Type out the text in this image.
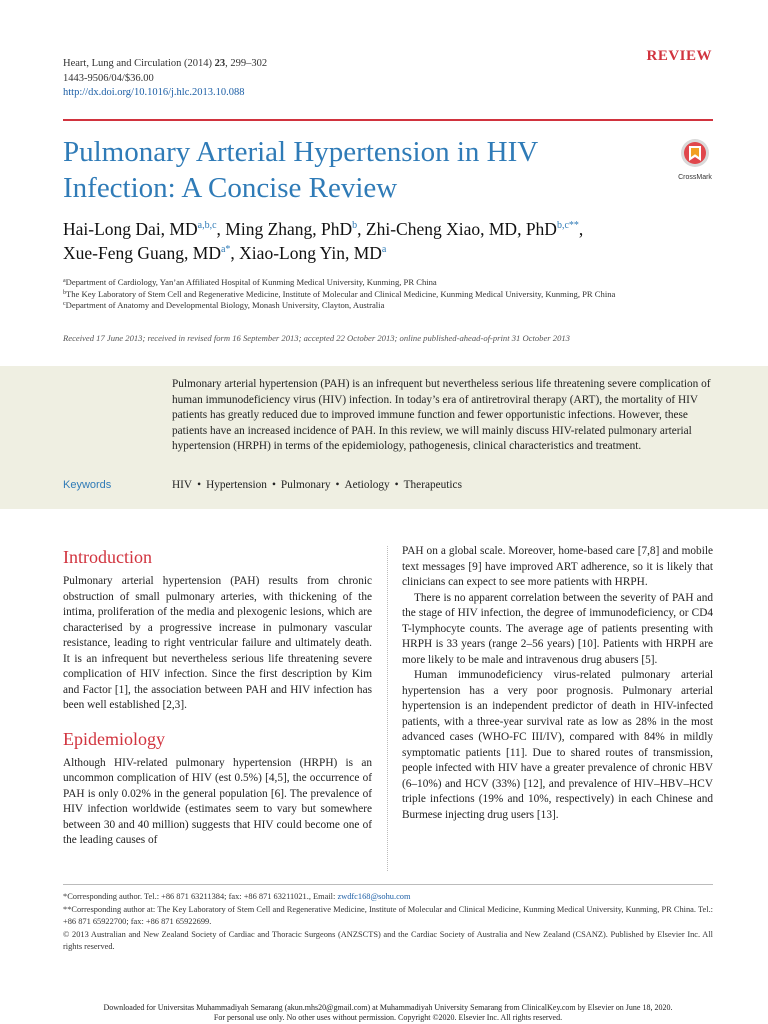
Heart, Lung and Circulation (2014) 23, 299–302
1443-9506/04/$36.00
http://dx.doi.org/10.1016/j.hlc.2013.10.088
REVIEW
Pulmonary Arterial Hypertension in HIV Infection: A Concise Review	CrossMark
Hai-Long Dai, MD$^{a,b,c}$, Ming Zhang, PhD$^b$, Zhi-Cheng Xiao, MD, PhD$^{b,c**}$,
Xue-Feng Guang, $MD^{a*}$, Xiao-Long Yin, $MD^a$
$^a$Department of Cardiology, Yan’an Affiliated Hospital of Kunming Medical University, Kunming, PR China
$^b$The Key Laboratory of Stem Cell and Regenerative Medicine, Institute of Molecular and Clinical Medicine, Kunming Medical University, Kunming, PR China
$^c$Department of Anatomy and Developmental Biology, Monash University, Clayton, Australia
Received 17 June 2013; received in revised form 16 September 2013; accepted 22 October 2013; online published-ahead-of-print 31 October 2013
Pulmonary arterial hypertension (PAH) is an infrequent but nevertheless serious life threatening severe complication of human immunodeficiency virus (HIV) infection. In today’s era of antiretroviral therapy (ART), the mortality of HIV patients has greatly reduced due to improved immune function and fewer opportunistic infections. However, these patients have an increased incidence of PAH. In this review, we will mainly discuss HIV-related pulmonary arterial hypertension (HRPH) in terms of the epidemiology, pathogenesis, clinical characteristics and treatment.
Keywords	HIV • Hypertension • Pulmonary • Aetiology • Therapeutics
Introduction

Pulmonary arterial hypertension (PAH) results from chronic obstruction of small pulmonary arteries, with thickening of the intima, proliferation of the media and plexogenic lesions, which are characterised by a progressive increase in pulmonary vascular resistance, leading to right ventricular failure and ultimately death. It is an infrequent but nevertheless serious life threatening severe complication of HIV infection. Since the first description by Kim and Factor [1], the association between PAH and HIV infection has been well established [2,3].

Epidemiology

Although HIV-related pulmonary hypertension (HRPH) is an uncommon complication of HIV (est 0.5%) [4,5], the occurrence of PAH is only 0.02% in the general population [6]. The prevalence of HIV infection worldwide (estimates seem to vary but somewhere between 30 and 40 million) suggests that HIV could become one of the leading causes of

PAH on a global scale. Moreover, home-based care [7,8] and mobile text messages [9] have improved ART adherence, so it is likely that clinicians can expect to see more patients with HRPH.

There is no apparent correlation between the severity of PAH and the stage of HIV infection, the degree of immunodeficiency, or CD4 T-lymphocyte counts. The average age of patients presenting with HRPH is 33 years (range 2–56 years) [10]. Patients with HRPH are more likely to be male and intravenous drug abusers [5].

Human immunodeficiency virus-related pulmonary arterial hypertension has a very poor prognosis. Pulmonary arterial hypertension is an independent predictor of death in HIV-infected patients, with a three-year survival rate as low as 28% in the most advanced cases (WHO-FC III/IV), compared with 84% in mildly symptomatic patients [11]. Due to shared routes of transmission, people infected with HIV have a greater prevalence of chronic HBV (6–10%) and HCV (33%) [12], and prevalence of HIV–HBV–HCV triple infections (19% and 10%, respectively) in each Chinese and Burmese injecting drug users [13].

*Corresponding author. Tel.: +86 871 63211384; fax: +86 871 63211021., Email: zwdfc168@sohu.com
**Corresponding author at: The Key Laboratory of Stem Cell and Regenerative Medicine, Institute of Molecular and Clinical Medicine, Kunming Medical University, Kunming, PR China. Tel.: +86 871 65922700; fax: +86 871 65922699.
© 2013 Australian and New Zealand Society of Cardiac and Thoracic Surgeons (ANZSCTS) and the Cardiac Society of Australia and New Zealand (CSANZ). Published by Elsevier Inc. All rights reserved.
Downloaded for Universitas Muhammadiyah Semarang (akun.mhs20@gmail.com) at Muhammadiyah University Semarang from ClinicalKey.com by Elsevier on June 18, 2020.
For personal use only. No other uses without permission. Copyright ©2020. Elsevier Inc. All rights reserved.
